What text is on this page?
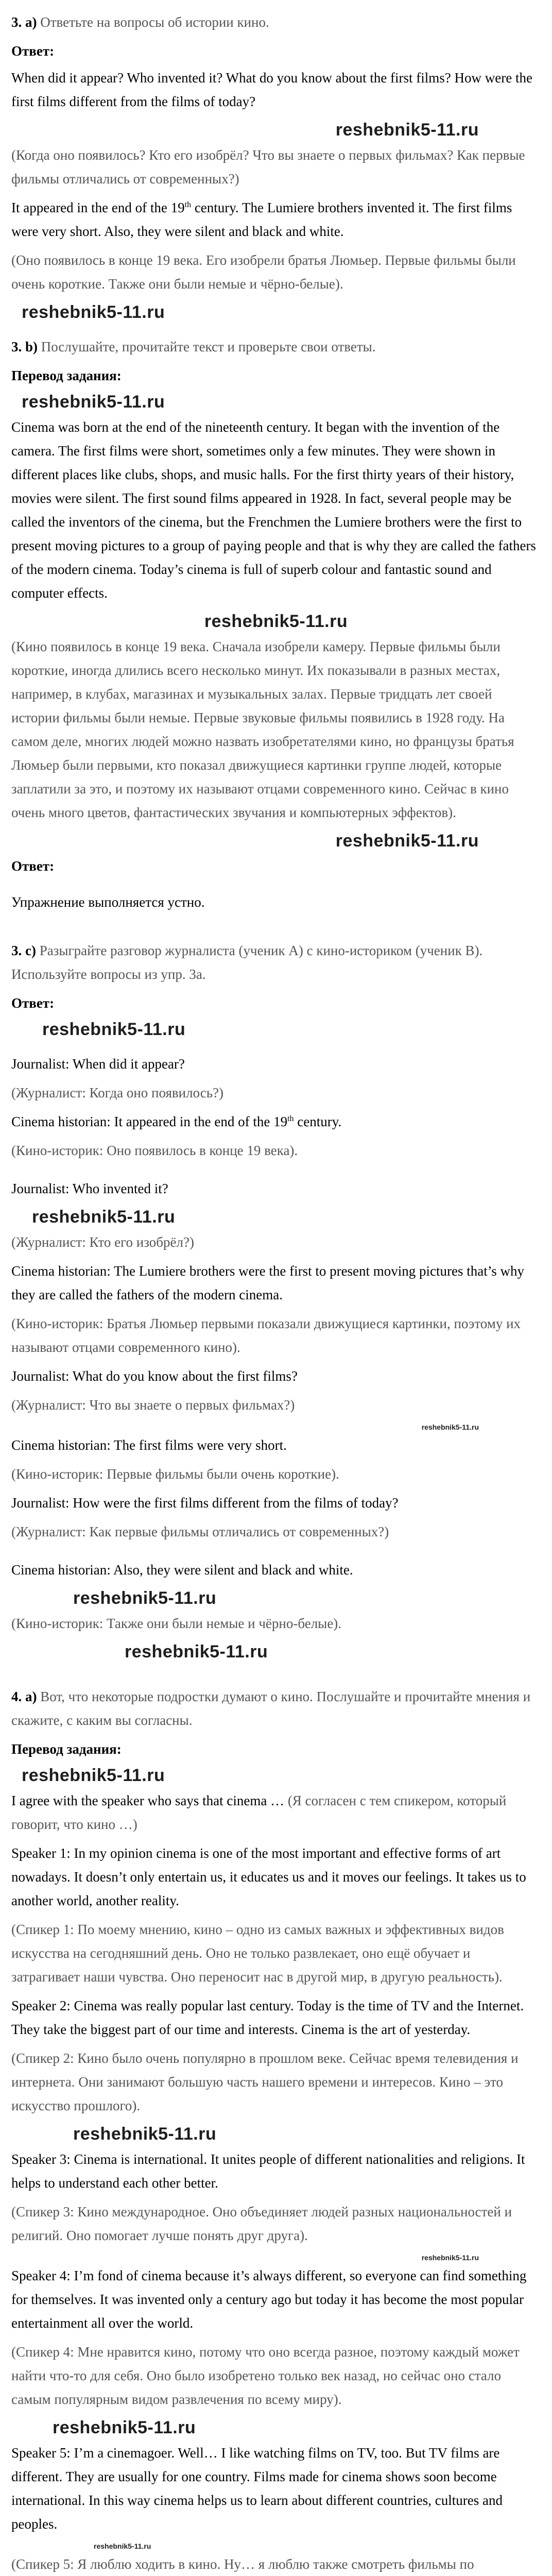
3. a) Ответьте на вопросы об истории кино.
Ответ:
When did it appear? Who invented it? What do you know about the first films? How were the first films different from the films of today?
reshebnik5-11.ru
(Когда оно появилось? Кто его изобрёл? Что вы знаете о первых фильмах? Как первые фильмы отличались от современных?)
It appeared in the end of the 19th century. The Lumiere brothers invented it. The first films were very short. Also, they were silent and black and white.
(Оно появилось в конце 19 века. Его изобрели братья Люмьер. Первые фильмы были очень короткие. Также они были немые и чёрно-белые).
reshebnik5-11.ru
3. b) Послушайте, прочитайте текст и проверьте свои ответы.
Перевод задания:
reshebnik5-11.ru
Cinema was born at the end of the nineteenth century. It began with the invention of the camera. The first films were short, sometimes only a few minutes. They were shown in different places like clubs, shops, and music halls. For the first thirty years of their history, movies were silent. The first sound films appeared in 1928. In fact, several people may be called the inventors of the cinema, but the Frenchmen the Lumiere brothers were the first to present moving pictures to a group of paying people and that is why they are called the fathers of the modern cinema. Today’s cinema is full of superb colour and fantastic sound and computer effects.
reshebnik5-11.ru
(Кино появилось в конце 19 века. Сначала изобрели камеру. Первые фильмы были короткие, иногда длились всего несколько минут. Их показывали в разных местах, например, в клубах, магазинах и музыкальных залах. Первые тридцать лет своей истории фильмы были немые. Первые звуковые фильмы появились в 1928 году. На самом деле, многих людей можно назвать изобретателями кино, но французы братья Люмьер были первыми, кто показал движущиеся картинки группе людей, которые заплатили за это, и поэтому их называют отцами современного кино. Сейчас в кино очень много цветов, фантастических звучания и компьютерных эффектов).
reshebnik5-11.ru
Ответ:
Упражнение выполняется устно.
3. c) Разыграйте разговор журналиста (ученик А) с кино-историком (ученик В). Используйте вопросы из упр. 3а.
Ответ:
reshebnik5-11.ru
Journalist: When did it appear?
(Журналист: Когда оно появилось?)
Cinema historian: It appeared in the end of the 19th century.
(Кино-историк: Оно появилось в конце 19 века).
Journalist: Who invented it?
reshebnik5-11.ru
(Журналист: Кто его изобрёл?)
Cinema historian: The Lumiere brothers were the first to present moving pictures that’s why they are called the fathers of the modern cinema.
(Кино-историк: Братья Люмьер первыми показали движущиеся картинки, поэтому их называют отцами современного кино).
Journalist: What do you know about the first films?
(Журналист: Что вы знаете о первых фильмах?)
reshebnik5-11.ru
Cinema historian: The first films were very short.
(Кино-историк: Первые фильмы были очень короткие).
Journalist: How were the first films different from the films of today?
(Журналист: Как первые фильмы отличались от современных?)
Cinema historian: Also, they were silent and black and white.
reshebnik5-11.ru
(Кино-историк: Также они были немые и чёрно-белые).
reshebnik5-11.ru
4. a) Вот, что некоторые подростки думают о кино. Послушайте и прочитайте мнения и скажите, с каким вы согласны.
Перевод задания:
reshebnik5-11.ru
I agree with the speaker who says that cinema … (Я согласен с тем спикером, который говорит, что кино …)
Speaker 1: In my opinion cinema is one of the most important and effective forms of art nowadays. It doesn’t only entertain us, it educates us and it moves our feelings. It takes us to another world, another reality.
(Спикер 1: По моему мнению, кино – одно из самых важных и эффективных видов искусства на сегодняшний день. Оно не только развлекает, оно ещё обучает и затрагивает наши чувства. Оно переносит нас в другой мир, в другую реальность).
Speaker 2: Cinema was really popular last century. Today is the time of TV and the Internet. They take the biggest part of our time and interests. Cinema is the art of yesterday.
(Спикер 2: Кино было очень популярно в прошлом веке. Сейчас время телевидения и интернета. Они занимают большую часть нашего времени и интересов. Кино – это искусство прошлого).
reshebnik5-11.ru
Speaker 3: Cinema is international. It unites people of different nationalities and religions. It helps to understand each other better.
(Спикер 3: Кино международное. Оно объединяет людей разных национальностей и религий. Оно помогает лучше понять друг друга).
reshebnik5-11.ru
Speaker 4: I’m fond of cinema because it’s always different, so everyone can find something for themselves. It was invented only a century ago but today it has become the most popular entertainment all over the world.
(Спикер 4: Мне нравится кино, потому что оно всегда разное, поэтому каждый может найти что-то для себя. Оно было изобретено только век назад, но сейчас оно стало самым популярным видом развлечения по всему миру).
reshebnik5-11.ru
Speaker 5: I’m a cinemagoer. Well… I like watching films on TV, too. But TV films are different. They are usually for one country. Films made for cinema shows soon become international. In this way cinema helps us to learn about different countries, cultures and peoples.
reshebnik5-11.ru
(Спикер 5: Я люблю ходить в кино. Ну… я люблю также смотреть фильмы по
